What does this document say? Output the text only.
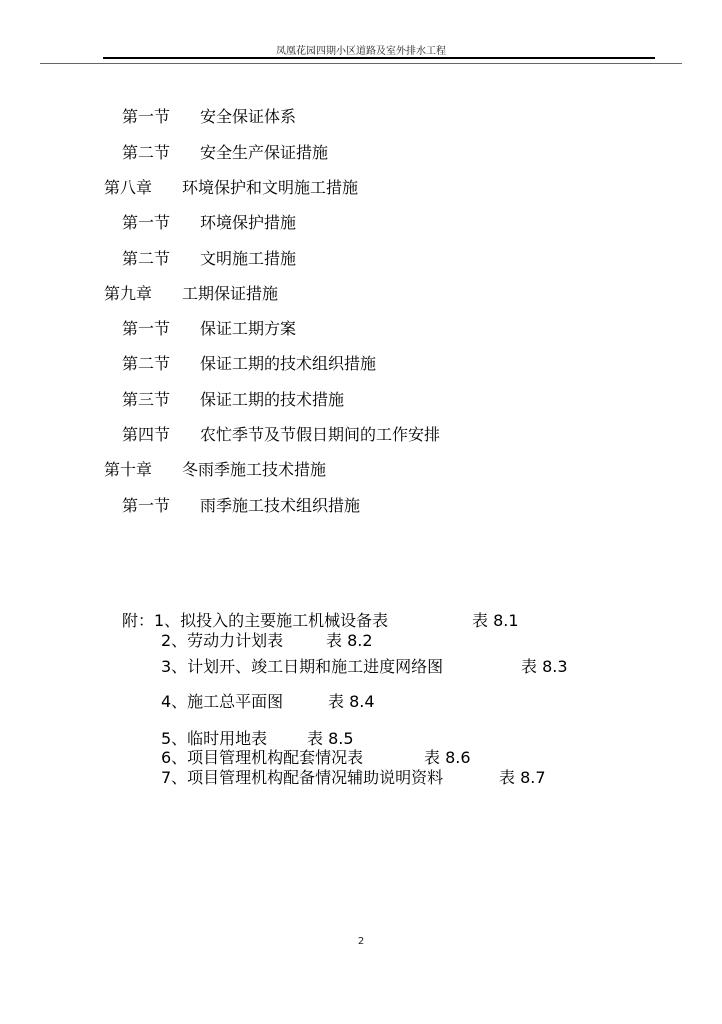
凤凰花园四期小区道路及室外排水工程
第一节 安全保证体系
第二节 安全生产保证措施
第八章 环境保护和文明施工措施
第一节 环境保护措施
第二节 文明施工措施
第九章 工期保证措施
第一节 保证工期方案
第二节 保证工期的技术组织措施
第三节 保证工期的技术措施
第四节 农忙季节及节假日期间的工作安排
第十章 冬雨季施工技术措施
第一节 雨季施工技术组织措施
附：1、拟投入的主要施工机械设备表	表 8.1
2、劳动力计划表	表 8.2
3、计划开、竣工日期和施工进度网络图	表 8.3
4、施工总平面图	表 8.4
5、临时用地表 表 8.5
6、项目管理机构配套情况表	表 8.6
7、项目管理机构配备情况辅助说明资料	表 8.7
2
